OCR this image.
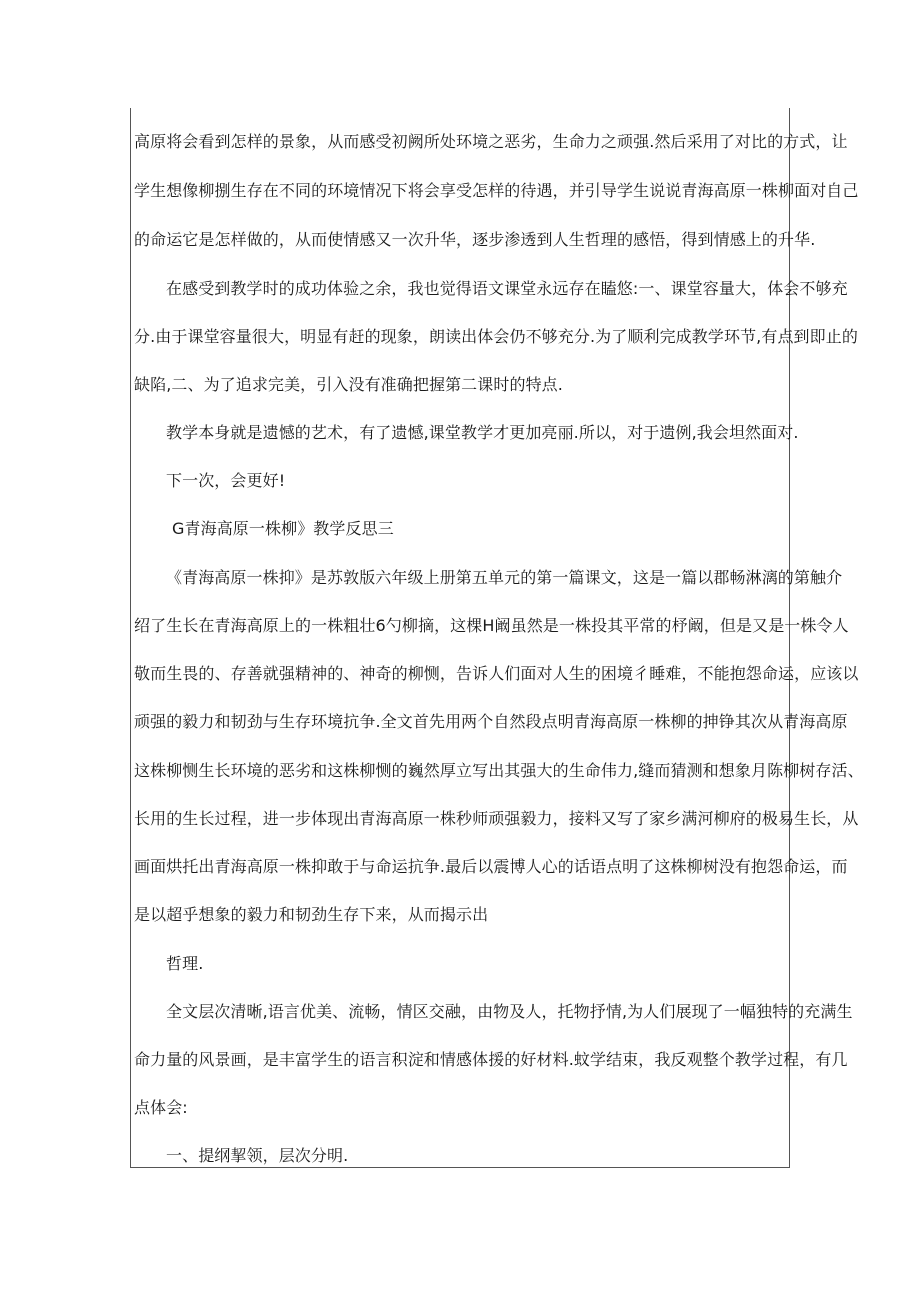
高原将会看到怎样的景象，从而感受初阙所处环境之恶劣，生命力之顽强.然后采用了对比的方式，让
学生想像柳捌生存在不同的环境情况下将会享受怎样的待遇，并引导学生说说青海高原一株柳面对自己
的命运它是怎样做的，从而使情感又一次升华，逐步渗透到人生哲理的感悟，得到情感上的升华.
在感受到教学时的成功体验之余，我也觉得语文课堂永远存在瞌悠:一、课堂容量大，体会不够充
分.由于课堂容量很大，明显有赶的现象，朗读出体会仍不够充分.为了顺利完成教学环节,有点到即止的
缺陷,二、为了追求完美，引入没有准确把握第二课时的特点.
教学本身就是遗憾的艺术，有了遗憾,课堂教学才更加亮丽.所以，对于遗例,我会坦然面对.
下一次，会更好!
G青海高原一株柳》教学反思三
《青海高原一株抑》是苏敦版六年级上册第五单元的第一篇课文，这是一篇以郡畅淋漓的第触介
绍了生长在青海高原上的一株粗壮6勺柳摘，这棵H阚虽然是一株投其平常的杼阚，但是又是一株令人
敬而生畏的、存善就强精神的、神奇的柳恻，告诉人们面对人生的困境彳睡难，不能抱怨命运，应该以
顽强的毅力和韧劲与生存环境抗争.全文首先用两个自然段点明青海高原一株柳的抻铮其次从青海高原
这株柳恻生长环境的恶劣和这株柳恻的巍然厚立写出其强大的生命伟力,缝而猜测和想象月陈柳树存活、
长用的生长过程，进一步体现出青海高原一株秒师顽强毅力，接料又写了家乡满河柳府的极易生长，从
画面烘托出青海高原一株抑敢于与命运抗争.最后以震博人心的话语点明了这株柳树没有抱怨命运，而
是以超乎想象的毅力和韧劲生存下来，从而揭示出
哲理.
全文层次清晰,语言优美、流畅，情区交融，由物及人，托物抒情,为人们展现了一幅独特的充满生
命力量的风景画，是丰富学生的语言积淀和情感体援的好材料.蚊学结束，我反观整个教学过程，有几
点体会:
一、提纲挈领，层次分明.
